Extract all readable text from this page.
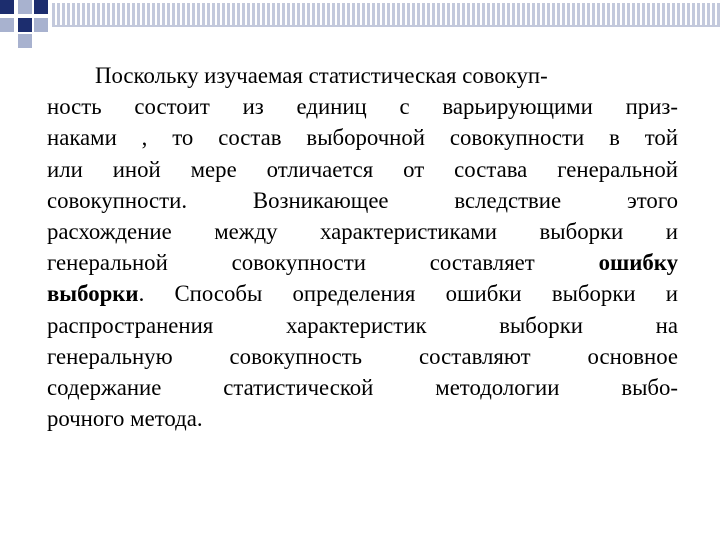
Поскольку изучаемая статистическая совокуп-
ность состоит из единиц с варьирующими приз-
наками , то состав выборочной совокупности в той
или иной мере отличается от состава генеральной
совокупности. Возникающее вследствие этого
расхождение между характеристиками выборки и
генеральной совокупности составляет	ошибку
выборки. Способы определения ошибки выборки и
распространения характеристик выборки на
генеральную совокупность составляют основное
содержание статистической методологии выбо-
рочного метода.
